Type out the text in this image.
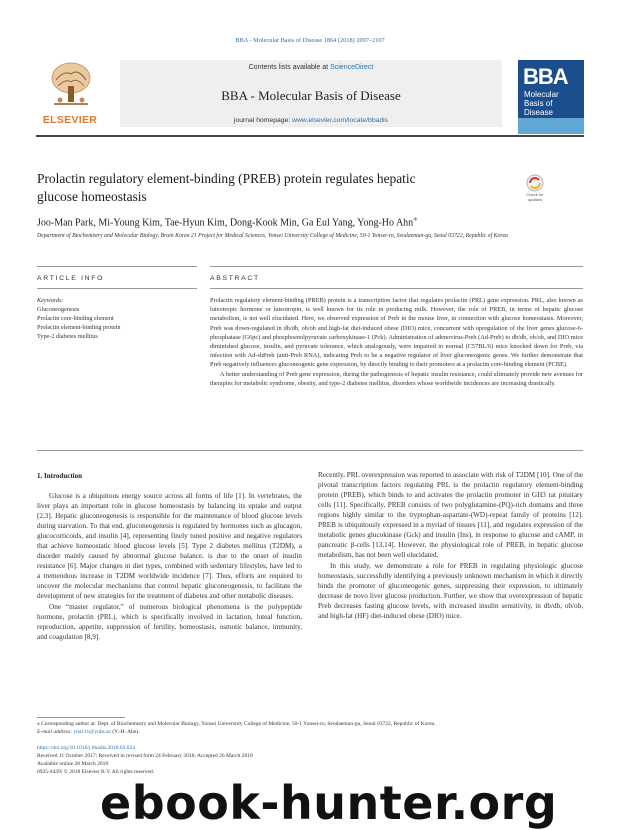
BBA - Molecular Basis of Disease 1864 (2018) 2097–2107
ELSEVIER
Contents lists available at ScienceDirect
BBA - Molecular Basis of Disease
journal homepage: www.elsevier.com/locate/bbadis
BBA
Molecular
Basis of
Disease
Prolactin regulatory element-binding (PREB) protein regulates hepatic
glucose homeostasis	Check for
updates
Joo-Man Park, Mi-Young Kim, Tae-Hyun Kim, Dong-Kook Min, Ga Eul Yang, Yong-Ho Ahn⁎
Department of Biochemistry and Molecular Biology, Brain Korea 21 Project for Medical Sciences, Yonsei University College of Medicine, 50-1 Yonsei-ro, Seodaemun-gu, Seoul 03722, Republic of Korea
ARTICLE INFO	ABSTRACT
Keywords:
Gluconeogenesis
Prolactin core-binding element
Prolactin element-binding protein
Type-2 diabetes mellitus

Prolactin regulatory element-binding (PREB) protein is a transcription factor that regulates prolactin (PRL) gene expression. PRL, also known as luteotropic hormone or luteotropin, is well known for its role in producing milk. However, the role of PREB, in terms of hepatic glucose metabolism, is not well elucidated. Here, we observed expression of Preb in the mouse liver, in connection with glucose homeostasis. Moreover, Preb was down-regulated in db/db, ob/ob and high-fat diet-induced obese (DIO) mice, concurrent with upregulation of the liver genes glucose-6-phosphatase (G6pc) and phosphoenolpyruvate carboxykinase-1 (Pck). Administration of adenovirus-Preb (Ad-Preb) to db/db, ob/ob, and DIO mice diminished glucose, insulin, and pyruvate tolerance, which analogously, were impaired in normal (C57BL/6) mice knocked down for Preb, via infection with Ad-shPreb (anti-Preb RNA), indicating Preb to be a negative regulator of liver gluconeogenic genes. We further demonstrate that Preb negatively influences gluconeogenic gene expression, by directly binding to their promoters at a prolactin core-binding element (PCBE).

A better understanding of Preb gene expression, during the pathogenesis of hepatic insulin resistance, could ultimately provide new avenues for therapies for metabolic syndrome, obesity, and type-2 diabetes mellitus, disorders whose worldwide incidences are increasing drastically.

1. Introduction

Glucose is a ubiquitous energy source across all forms of life [1]. In vertebrates, the liver plays an important role in glucose homeostasis by balancing its uptake and output [2,3]. Hepatic gluconeogenesis is responsible for the maintenance of blood glucose levels during starvation. To that end, gluconeogenesis is regulated by hormones such as glucagon, glucocorticoids, and insulin [4], representing finely tuned positive and negative regulators that achieve homeostatic blood glucose levels [5]. Type 2 diabetes mellitus (T2DM), a disorder mainly caused by abnormal glucose balance, is due to the onset of insulin resistance [6]. Major changes in diet types, combined with sedentary lifestyles, have led to a tremendous increase in T2DM worldwide incidence [7]. Thus, efforts are required to uncover the molecular mechanisms that control hepatic gluconeogenesis, to facilitate the development of new strategies for the treatment of diabetes and other metabolic diseases.

One “master regulator,” of numerous biological phenomena is the polypeptide hormone, prolactin (PRL), which is specifically involved in lactation, luteal function, reproduction, appetite, suppression of fertility, homeostasis, osmotic balance, immunity, and coagulation [8,9].

Recently, PRL overexpression was reported to associate with risk of T2DM [10]. One of the pivotal transcription factors regulating PRL is the prolactin regulatory element-binding protein (PREB), which binds to and activates the prolactin promoter in GH3 rat pituitary cells [11]. Specifically, PREB consists of two polyglutamine-(PQ)-rich domains and three regions highly similar to the tryptophan-aspartate-(WD)-repeat family of proteins [12]. PREB is ubiquitously expressed in a myriad of tissues [11], and regulates expression of the metabolic genes glucokinase (Gck) and insulin (Ins), in response to glucose and cAMP, in pancreatic β-cells [13,14]. However, the physiological role of PREB, in hepatic glucose metabolism, has not been well elucidated.

In this study, we demonstrate a role for PREB in regulating physiologic glucose homeostasis, successfully identifying a previously unknown mechanism in which it directly binds the promoter of gluconeogenic genes, suppressing their expression, to ultimately decrease de novo liver glucose production. Further, we show that overexpression of hepatic Preb decreases fasting glucose levels, with increased insulin sensitivity, in db/db, ob/ob, and high-fat (HF) diet-induced obese (DIO) mice.

⁎ Corresponding author at: Dept. of Biochemistry and Molecular Biology, Yonsei Universirty College of Medicine, 50-1 Yonsei-ro, Seodaemun-gu, Seoul 03722, Republic of Korea.
E-mail address: yha111@yuhs.ac (Y.-H. Ahn).
https://doi.org/10.1016/j.bbadis.2018.03.024
Received 11 October 2017; Received in revised form 24 February 2018; Accepted 26 March 2018
Available online 28 March 2018
0925-4439/ © 2018 Elsevier B.V. All rights reserved.
ebook-hunter.org
